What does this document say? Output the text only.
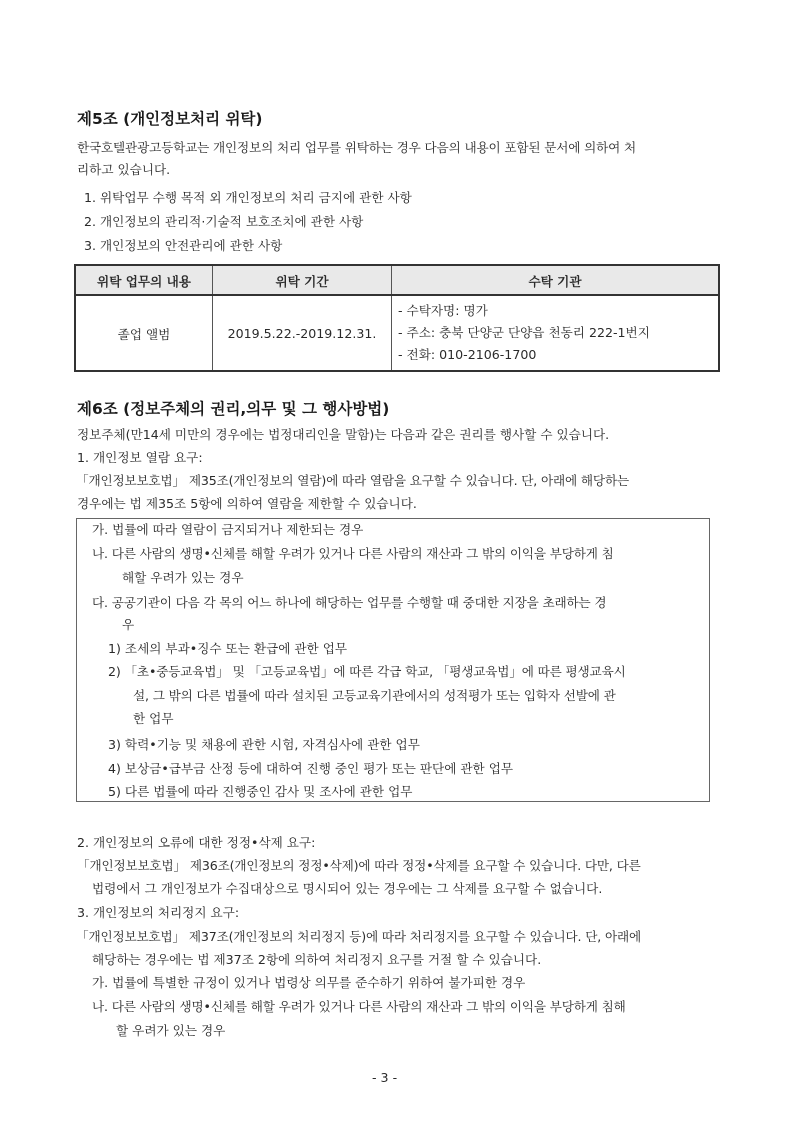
제5조 (개인정보처리 위탁)
한국호텔관광고등학교는 개인정보의 처리 업무를 위탁하는 경우 다음의 내용이 포함된 문서에 의하여 처
리하고 있습니다.
1. 위탁업무 수행 목적 외 개인정보의 처리 금지에 관한 사항
2. 개인정보의 관리적·기술적 보호조치에 관한 사항
3. 개인정보의 안전관리에 관한 사항
위탁 업무의 내용	위탁 기간	수탁 기관
졸업 앨범	2019.5.22.-2019.12.31.	- 수탁자명: 명가
- 주소: 충북 단양군 단양읍 천동리 222-1번지
- 전화: 010-2106-1700
제6조 (정보주체의 권리,의무 및 그 행사방법)
정보주체(만14세 미만의 경우에는 법정대리인을 말함)는 다음과 같은 권리를 행사할 수 있습니다.
1. 개인정보 열람 요구:
「개인정보보호법」 제35조(개인정보의 열람)에 따라 열람을 요구할 수 있습니다. 단, 아래에 해당하는
경우에는 법 제35조 5항에 의하여 열람을 제한할 수 있습니다.
가. 법률에 따라 열람이 금지되거나 제한되는 경우
나. 다른 사람의 생명•신체를 해할 우려가 있거나 다른 사람의 재산과 그 밖의 이익을 부당하게 침
해할 우려가 있는 경우
다. 공공기관이 다음 각 목의 어느 하나에 해당하는 업무를 수행할 때 중대한 지장을 초래하는 경
우
1) 조세의 부과•징수 또는 환급에 관한 업무
2) 「초•중등교육법」 및 「고등교육법」에 따른 각급 학교, 「평생교육법」에 따른 평생교육시
설, 그 밖의 다른 법률에 따라 설치된 고등교육기관에서의 성적평가 또는 입학자 선발에 관
한 업무
3) 학력•기능 및 채용에 관한 시험, 자격심사에 관한 업무
4) 보상금•급부금 산정 등에 대하여 진행 중인 평가 또는 판단에 관한 업무
5) 다른 법률에 따라 진행중인 감사 및 조사에 관한 업무
2. 개인정보의 오류에 대한 정정•삭제 요구:
「개인정보보호법」 제36조(개인정보의 정정•삭제)에 따라 정정•삭제를 요구할 수 있습니다. 다만, 다른
법령에서 그 개인정보가 수집대상으로 명시되어 있는 경우에는 그 삭제를 요구할 수 없습니다.
3. 개인정보의 처리정지 요구:
「개인정보보호법」 제37조(개인정보의 처리정지 등)에 따라 처리정지를 요구할 수 있습니다. 단, 아래에
해당하는 경우에는 법 제37조 2항에 의하여 처리정지 요구를 거절 할 수 있습니다.
가. 법률에 특별한 규정이 있거나 법령상 의무를 준수하기 위하여 불가피한 경우
나. 다른 사람의 생명•신체를 해할 우려가 있거나 다른 사람의 재산과 그 밖의 이익을 부당하게 침해
할 우려가 있는 경우
- 3 -
